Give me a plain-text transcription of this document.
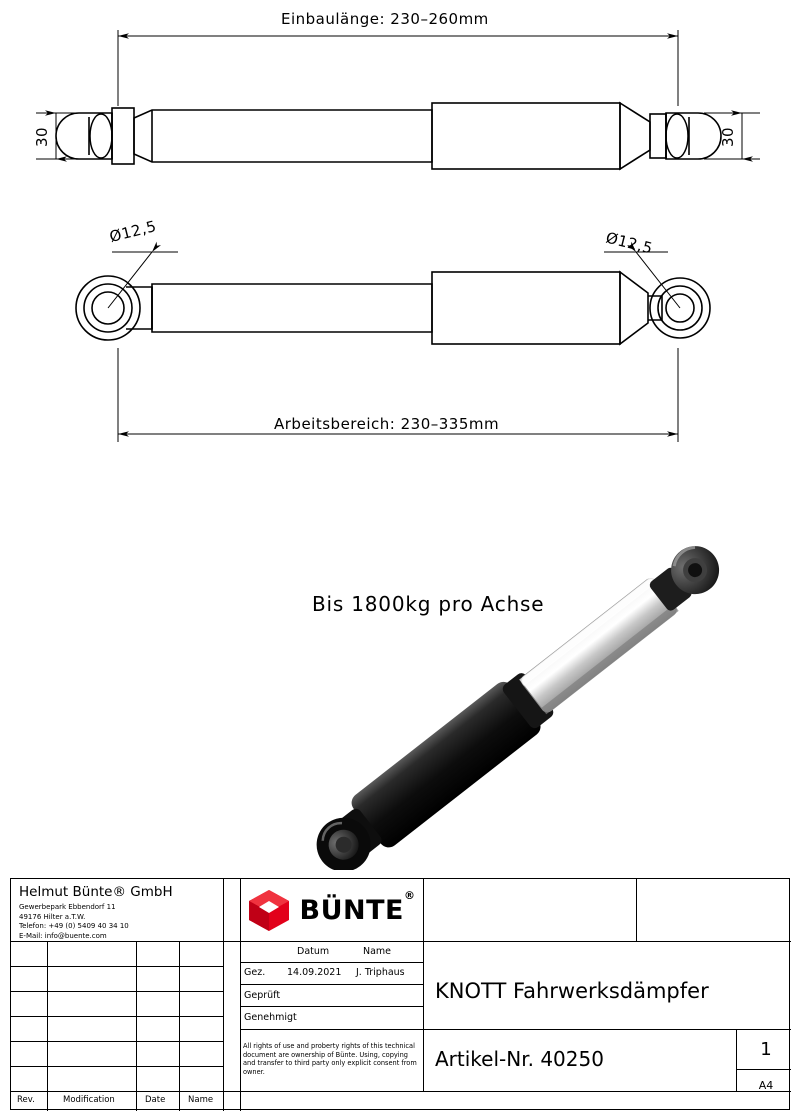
Einbaulänge: 230–260mm
30	30
Ø12,5	Ø12,5
Arbeitsbereich: 230–335mm
Bis 1800kg pro Achse
Helmut Bünte® GmbH
Gewerbepark Ebbendorf 11
49176 Hilter a.T.W.
Telefon: +49 (0) 5409 40 34 10
E-Mail: info@buente.com
BÜNTE®
Datum	Name
Gez. 14.09.2021 J. Triphaus
Geprüft
Genehmigt
All rights of use and proberty rights of this technical document are ownership of Bünte. Using, copying and transfer to third party only explicit consent from owner.
KNOTT Fahrwerksdämpfer
Artikel-Nr. 40250	1
A4
Rev.	Modification	Date	Name
